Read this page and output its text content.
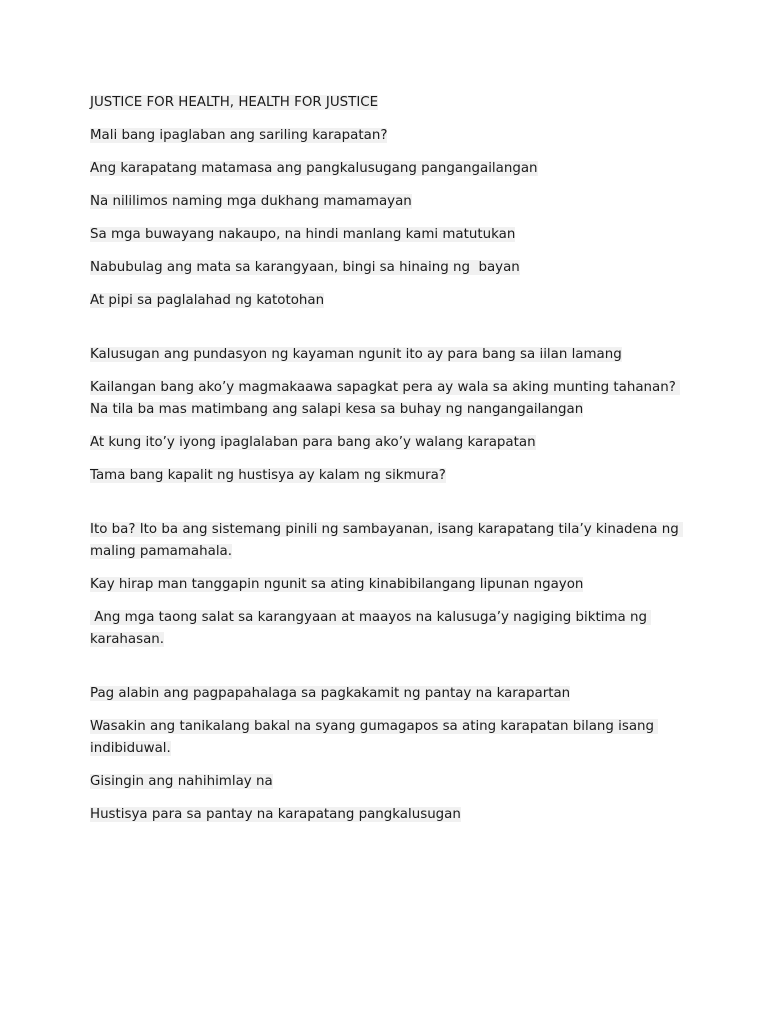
JUSTICE FOR HEALTH, HEALTH FOR JUSTICE
Mali bang ipaglaban ang sariling karapatan?
Ang karapatang matamasa ang pangkalusugang pangangailangan
Na nililimos naming mga dukhang mamamayan
Sa mga buwayang nakaupo, na hindi manlang kami matutukan
Nabubulag ang mata sa karangyaan, bingi sa hinaing ng  bayan
At pipi sa paglalahad ng katotohan
Kalusugan ang pundasyon ng kayaman ngunit ito ay para bang sa iilan lamang
Kailangan bang ako’y magmakaawa sapagkat pera ay wala sa aking munting tahanan? Na tila ba mas matimbang ang salapi kesa sa buhay ng nangangailangan
At kung ito’y iyong ipaglalaban para bang ako’y walang karapatan
Tama bang kapalit ng hustisya ay kalam ng sikmura?
Ito ba? Ito ba ang sistemang pinili ng sambayanan, isang karapatang tila’y kinadena ng maling pamamahala.
Kay hirap man tanggapin ngunit sa ating kinabibilangang lipunan ngayon
Ang mga taong salat sa karangyaan at maayos na kalusuga’y nagiging biktima ng karahasan.
Pag alabin ang pagpapahalaga sa pagkakamit ng pantay na karapartan
Wasakin ang tanikalang bakal na syang gumagapos sa ating karapatan bilang isang indibiduwal.
Gisingin ang nahihimlay na
Hustisya para sa pantay na karapatang pangkalusugan
